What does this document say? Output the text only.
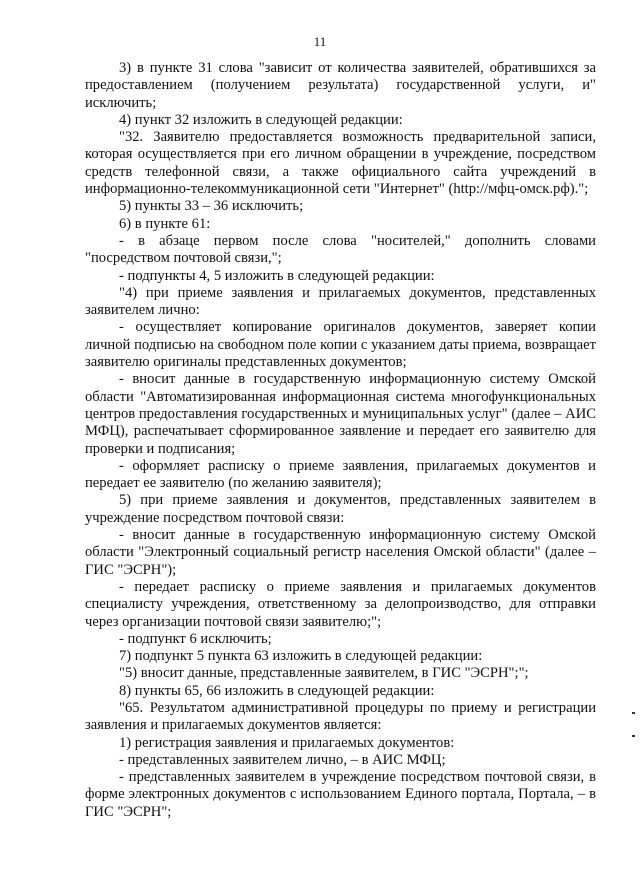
11

3) в пункте 31 слова "зависит от количества заявителей, обратившихся за предоставлением (получением результата) государственной услуги, и" исключить;

4) пункт 32 изложить в следующей редакции:

"32. Заявителю предоставляется возможность предварительной записи, которая осуществляется при его личном обращении в учреждение, посредством средств телефонной связи, а также официального сайта учреждений в информационно-телекоммуникационной сети "Интернет" (http://мфц-омск.рф).";

5) пункты 33 – 36 исключить;

6) в пункте 61:

- в абзаце первом после слова "носителей," дополнить словами "посредством почтовой связи,";

- подпункты 4, 5 изложить в следующей редакции:

"4) при приеме заявления и прилагаемых документов, представленных заявителем лично:

- осуществляет копирование оригиналов документов, заверяет копии личной подписью на свободном поле копии с указанием даты приема, возвращает заявителю оригиналы представленных документов;

- вносит данные в государственную информационную систему Омской области "Автоматизированная информационная система многофункциональных центров предоставления государственных и муниципальных услуг" (далее – АИС МФЦ), распечатывает сформированное заявление и передает его заявителю для проверки и подписания;

- оформляет расписку о приеме заявления, прилагаемых документов и передает ее заявителю (по желанию заявителя);

5) при приеме заявления и документов, представленных заявителем в учреждение посредством почтовой связи:

- вносит данные в государственную информационную систему Омской области "Электронный социальный регистр населения Омской области" (далее – ГИС "ЭСРН");

- передает расписку о приеме заявления и прилагаемых документов специалисту учреждения, ответственному за делопроизводство, для отправки через организации почтовой связи заявителю;";

- подпункт 6 исключить;

7) подпункт 5 пункта 63 изложить в следующей редакции:

"5) вносит данные, представленные заявителем, в ГИС "ЭСРН";";

8) пункты 65, 66 изложить в следующей редакции:

"65. Результатом административной процедуры по приему и регистрации заявления и прилагаемых документов является:

1) регистрация заявления и прилагаемых документов:

- представленных заявителем лично, – в АИС МФЦ;

- представленных заявителем в учреждение посредством почтовой связи, в форме электронных документов с использованием Единого портала, Портала, – в ГИС "ЭСРН";
